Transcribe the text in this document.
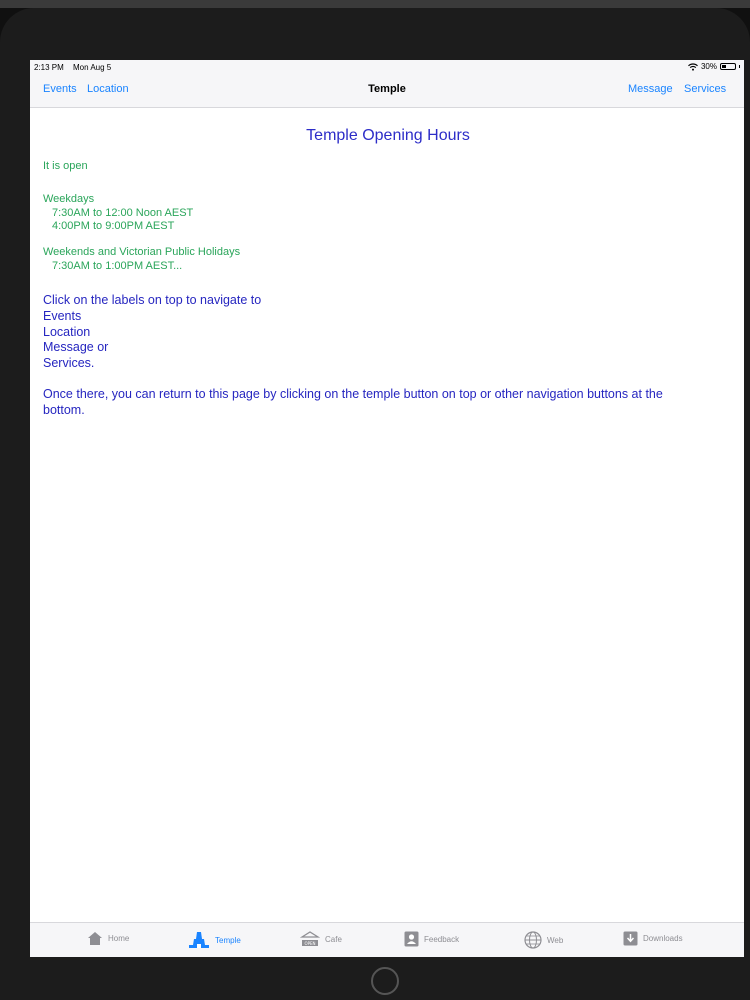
2:13 PM Mon Aug 5	30%
Events Location	Temple	Message Services
Temple Opening Hours
It is open
Weekdays
7:30AM to 12:00 Noon AEST
4:00PM to 9:00PM AEST
Weekends and Victorian Public Holidays
7:30AM to 1:00PM AEST...
Click on the labels on top to navigate to
Events
Location
Message or
Services.
Once there, you can return to this page by clicking on the temple button on top or other navigation buttons at the bottom.
Home	Temple	OPEN Cafe	Feedback	Web	Downloads
